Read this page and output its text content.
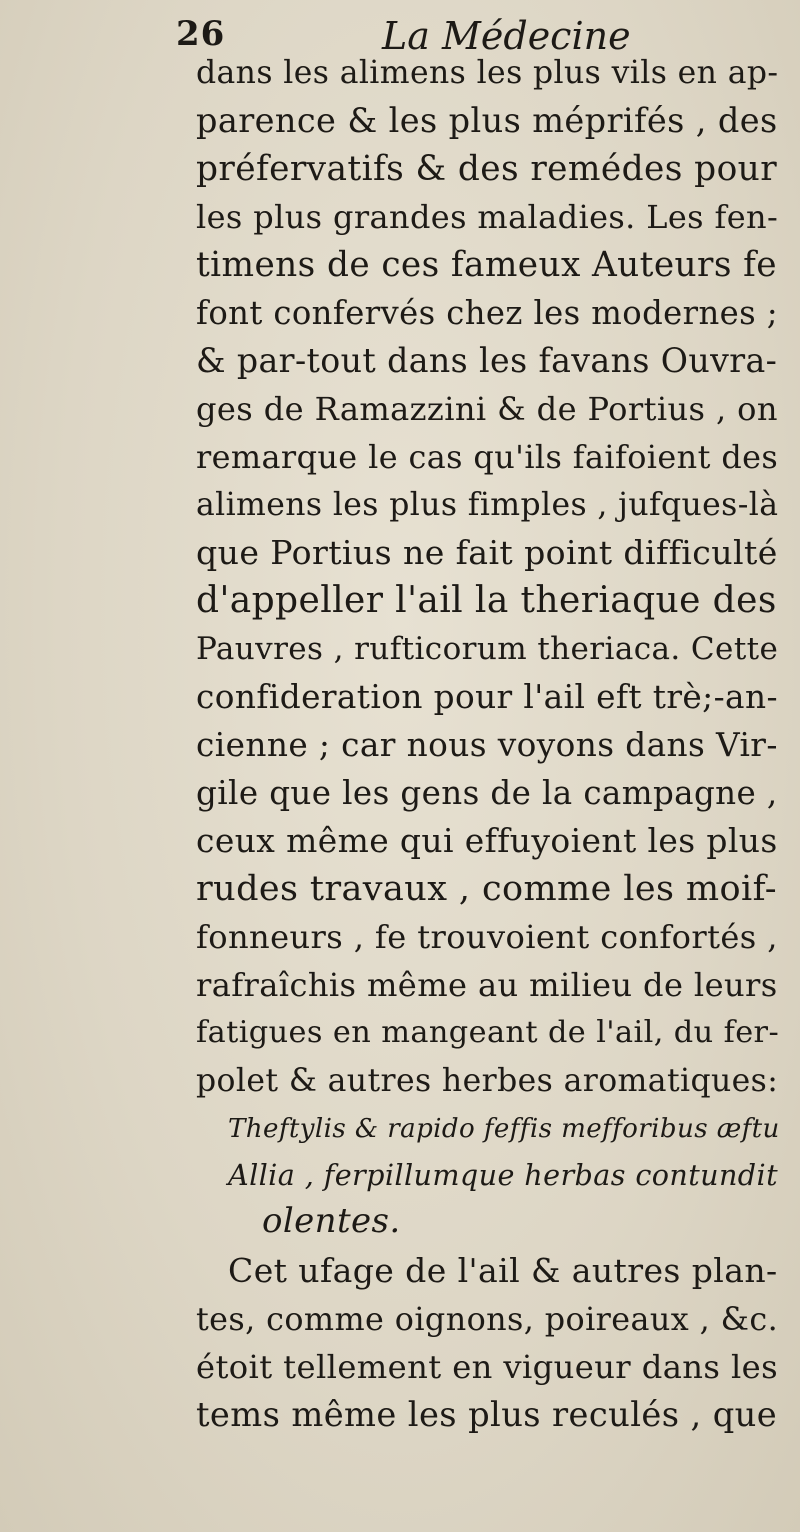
26	La Médecine
dans les alimens les plus vils en ap-
parence & les plus méprifés , des
préfervatifs & des remédes pour
les plus grandes maladies. Les fen-
timens de ces fameux Auteurs fe
font confervés chez les modernes ;
& par-tout dans les favans Ouvra-
ges de Ramazzini & de Portius , on
remarque le cas qu'ils faifoient des
alimens les plus fimples , jufques-là
que Portius ne fait point difficulté
d'appeller l'ail la theriaque des
Pauvres , rufticorum theriaca. Cette
confideration pour l'ail eft trè;-an-
cienne ; car nous voyons dans Vir-
gile que les gens de la campagne ,
ceux même qui effuyoient les plus
rudes travaux , comme les moif-
fonneurs , fe trouvoient confortés ,
rafraîchis même au milieu de leurs
fatigues en mangeant de l'ail, du fer-
polet & autres herbes aromatiques:
Theftylis & rapido feffis mefforibus æftu
Allia , ferpillumque herbas contundit
olentes.
Cet ufage de l'ail & autres plan-
tes, comme oignons, poireaux , &c.
étoit tellement en vigueur dans les
tems même les plus reculés , que
